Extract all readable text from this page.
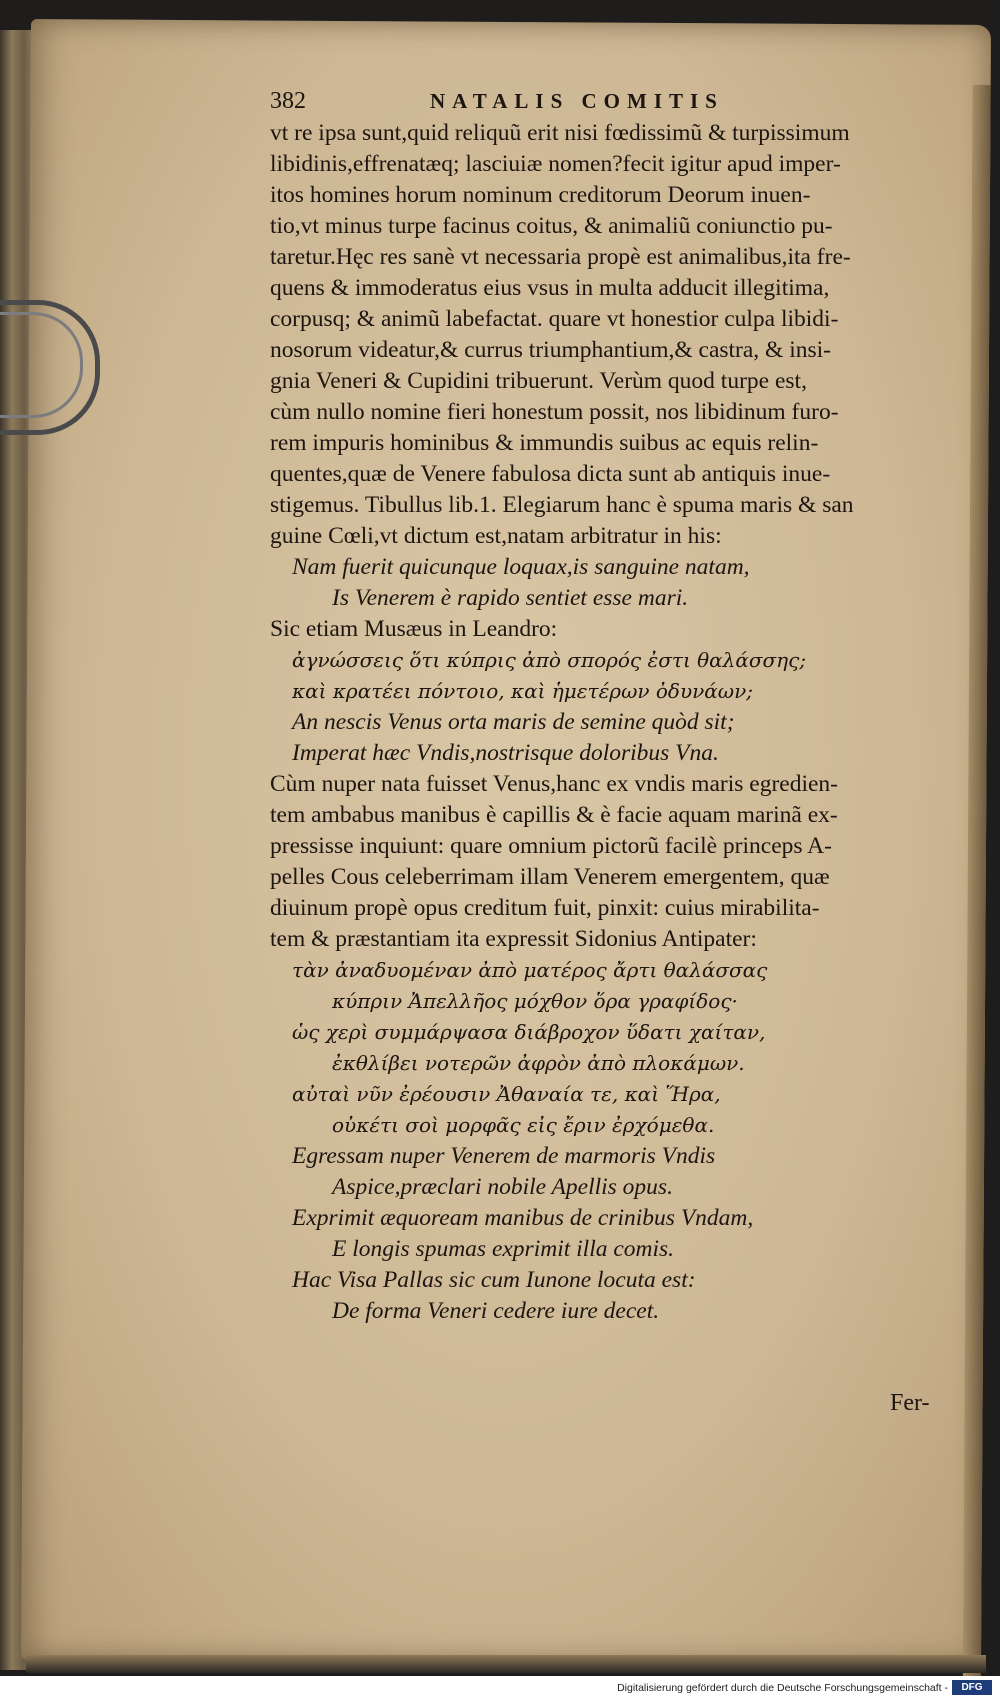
382	NATALIS COMITIS
vt re ipsa sunt,quid reliquũ erit nisi fœdissimũ & turpissimum
libidinis,effrenatæq; lasciuiæ nomen?fecit igitur apud imper-
itos homines horum nominum creditorum Deorum inuen-
tio,vt minus turpe facinus coitus, & animaliũ coniunctio pu-
taretur.Hęc res sanè vt necessaria propè est animalibus,ita fre-
quens & immoderatus eius vsus in multa adducit illegitima,
corpusq; & animũ labefactat. quare vt honestior culpa libidi-
nosorum videatur,& currus triumphantium,& castra, & insi-
gnia Veneri & Cupidini tribuerunt. Verùm quod turpe est,
cùm nullo nomine fieri honestum possit, nos libidinum furo-
rem impuris hominibus & immundis suibus ac equis relin-
quentes,quæ de Venere fabulosa dicta sunt ab antiquis inue-
stigemus. Tibullus lib.1. Elegiarum hanc è spuma maris & san
guine Cœli,vt dictum est,natam arbitratur in his:
Nam fuerit quicunque loquax,is sanguine natam,
Is Venerem è rapido sentiet esse mari.
Sic etiam Musæus in Leandro:
ἀγνώσσεις ὅτι κύπρις ἀπὸ σπορός ἐστι θαλάσσης;
καὶ κρατέει πόντοιο, καὶ ἡμετέρων ὀδυνάων;
An nescis Venus orta maris de semine quòd sit;
Imperat hæc Vndis,nostrisque doloribus Vna.
Cùm nuper nata fuisset Venus,hanc ex vndis maris egredien-
tem ambabus manibus è capillis & è facie aquam marinã ex-
pressisse inquiunt: quare omnium pictorũ facilè princeps A-
pelles Cous celeberrimam illam Venerem emergentem, quæ
diuinum propè opus creditum fuit, pinxit: cuius mirabilita-
tem & præstantiam ita expressit Sidonius Antipater:
τὰν ἀναδυομέναν ἀπὸ ματέρος ἄρτι θαλάσσας
κύπριν Ἀπελλῆος μόχθον ὅρα γραφίδος·
ὡς χερὶ συμμάρψασα διάβροχον ὕδατι χαίταν,
ἐκθλίβει νοτερῶν ἀφρὸν ἀπὸ πλοκάμων.
αὐταὶ νῦν ἐρέουσιν Ἀθαναία τε, καὶ Ἥρα,
οὐκέτι σοὶ μορφᾶς εἰς ἔριν ἐρχόμεθα.
Egressam nuper Venerem de marmoris Vndis
Aspice,præclari nobile Apellis opus.
Exprimit æquoream manibus de crinibus Vndam,
E longis spumas exprimit illa comis.
Hac Visa Pallas sic cum Iunone locuta est:
De forma Veneri cedere iure decet.
Fer-
Digitalisierung gefördert durch die Deutsche Forschungsgemeinschaft -	DFG
